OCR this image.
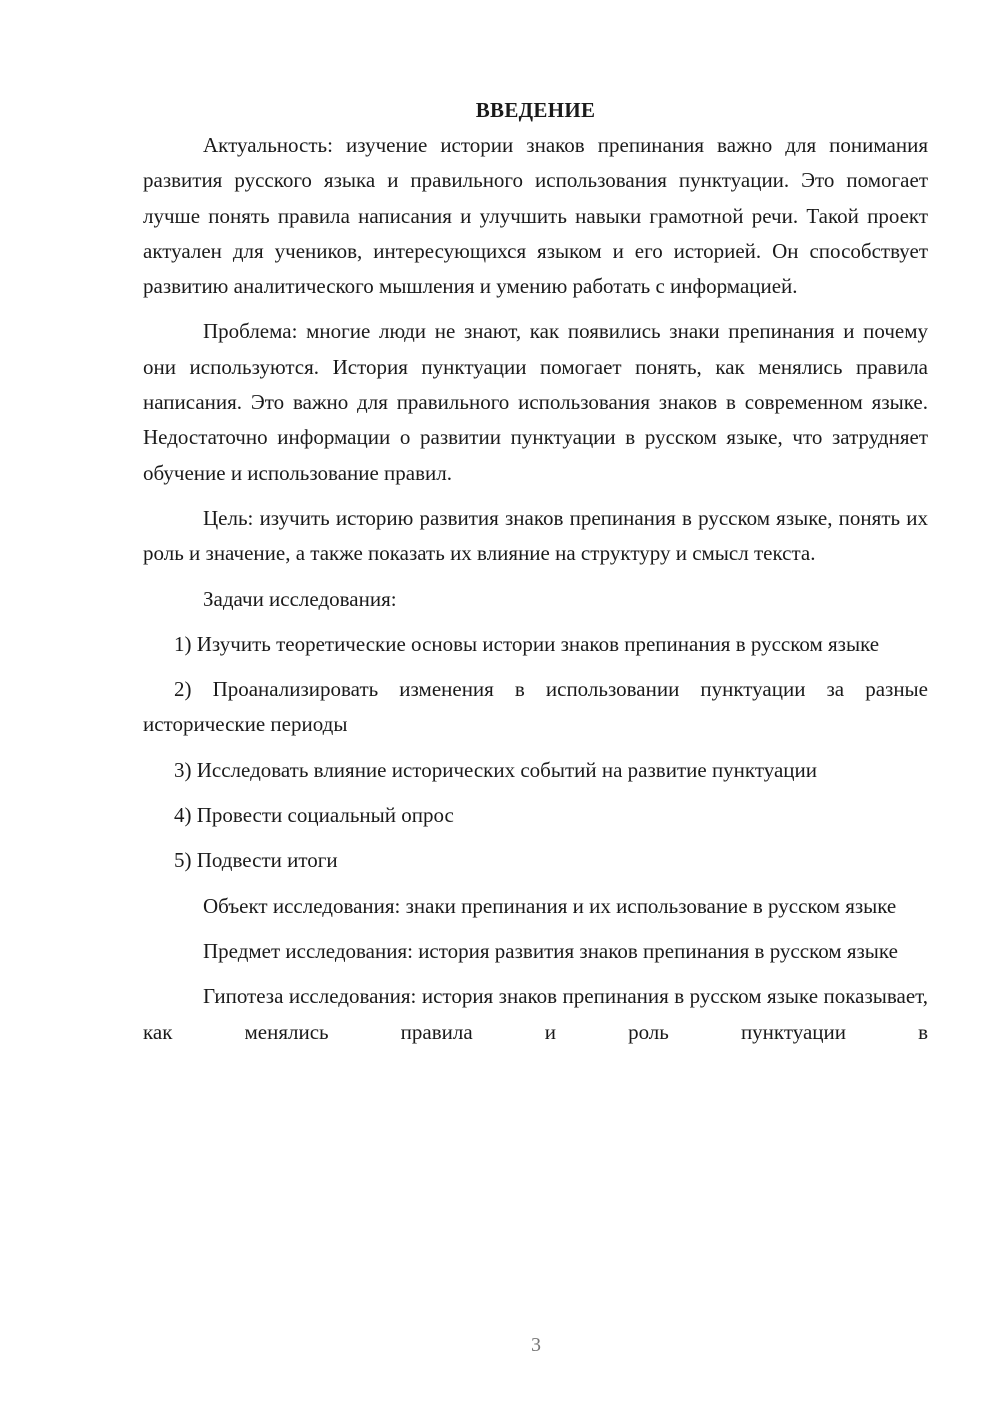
ВВЕДЕНИЕ

Актуальность: изучение истории знаков препинания важно для понимания развития русского языка и правильного использования пунктуации. Это помогает лучше понять правила написания и улучшить навыки грамотной речи. Такой проект актуален для учеников, интересующихся языком и его историей. Он способствует развитию аналитического мышления и умению работать с информацией.

Проблема: многие люди не знают, как появились знаки препинания и почему они используются. История пунктуации помогает понять, как менялись правила написания. Это важно для правильного использования знаков в современном языке. Недостаточно информации о развитии пунктуации в русском языке, что затрудняет обучение и использование правил.

Цель: изучить историю развития знаков препинания в русском языке, понять их роль и значение, а также показать их влияние на структуру и смысл текста.

Задачи исследования:

1) Изучить теоретические основы истории знаков препинания в русском языке

2) Проанализировать изменения в использовании пунктуации за разные исторические периоды

3) Исследовать влияние исторических событий на развитие пунктуации

4) Провести социальный опрос

5) Подвести итоги

Объект исследования: знаки препинания и их использование в русском языке

Предмет исследования: история развития знаков препинания в русском языке

Гипотеза исследования: история знаков препинания в русском языке показывает, как менялись правила и роль пунктуации в

3
